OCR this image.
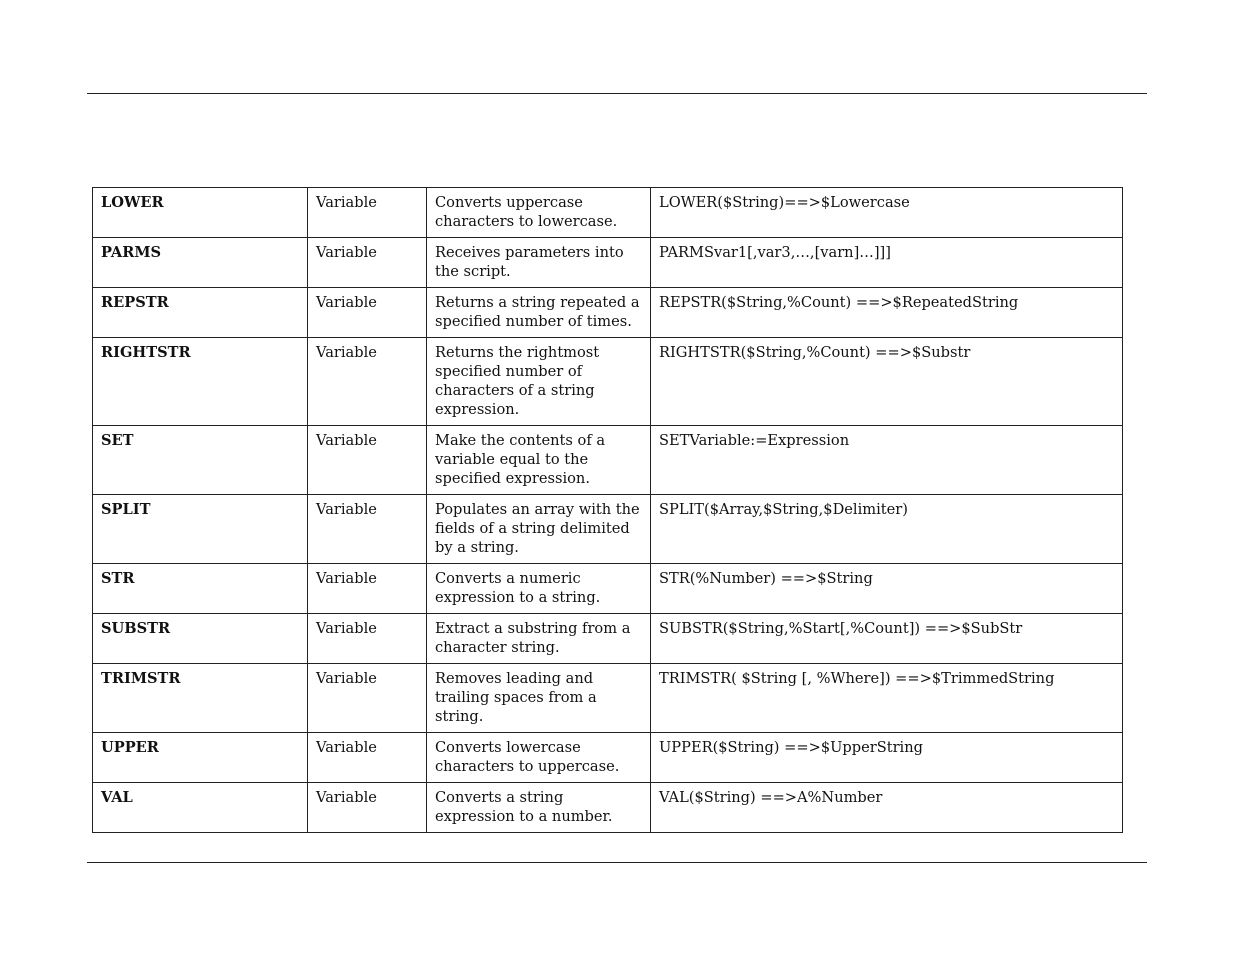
LOWER	Variable	Converts uppercase characters to lowercase.	LOWER($String)==>$Lowercase
PARMS	Variable	Receives parameters into the script.	PARMSvar1[,var3,…,[varn]…]]]
REPSTR	Variable	Returns a string repeated a specified number of times.	REPSTR($String,%Count) ==>$RepeatedString
RIGHTSTR	Variable	Returns the rightmost specified number of characters of a string expression.	RIGHTSTR($String,%Count) ==>$Substr
SET	Variable	Make the contents of a variable equal to the specified expression.	SETVariable:=Expression
SPLIT	Variable	Populates an array with the fields of a string delimited by a string.	SPLIT($Array,$String,$Delimiter)
STR	Variable	Converts a numeric expression to a string.	STR(%Number) ==>$String
SUBSTR	Variable	Extract a substring from a character string.	SUBSTR($String,%Start[,%Count]) ==>$SubStr
TRIMSTR	Variable	Removes leading and trailing spaces from a string.	TRIMSTR( $String [, %Where]) ==>$TrimmedString
UPPER	Variable	Converts lowercase characters to uppercase.	UPPER($String) ==>$UpperString
VAL	Variable	Converts a string expression to a number.	VAL($String) ==>A%Number
